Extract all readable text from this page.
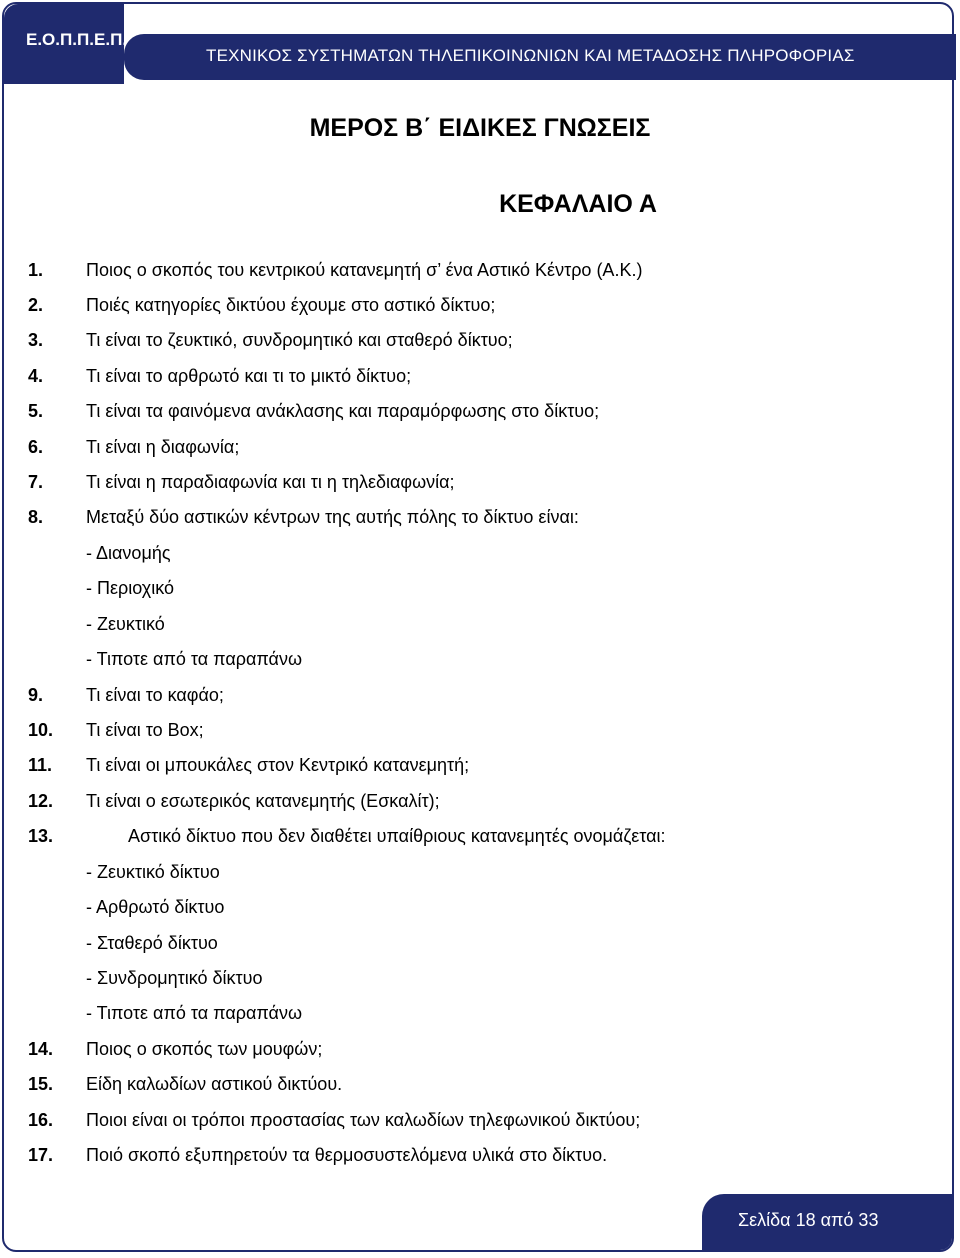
Ε.Ο.Π.Π.Ε.Π.
ΤΕΧΝΙΚΟΣ ΣΥΣΤΗΜΑΤΩΝ ΤΗΛΕΠΙΚΟΙΝΩΝΙΩΝ ΚΑΙ ΜΕΤΑΔΟΣΗΣ ΠΛΗΡΟΦΟΡΙΑΣ
ΜΕΡΟΣ Β΄ ΕΙΔΙΚΕΣ ΓΝΩΣΕΙΣ
ΚΕΦΑΛΑΙΟ Α
1. Ποιος ο σκοπός του κεντρικού κατανεμητή σ’ ένα Αστικό Κέντρο (Α.Κ.)
2. Ποιές κατηγορίες δικτύου έχουμε στο αστικό δίκτυο;
3. Τι είναι το ζευκτικό, συνδρομητικό και σταθερό δίκτυο;
4. Τι είναι το αρθρωτό και τι το μικτό δίκτυο;
5. Τι είναι τα φαινόμενα ανάκλασης και παραμόρφωσης στο δίκτυο;
6. Τι είναι η διαφωνία;
7. Τι είναι η παραδιαφωνία και τι η τηλεδιαφωνία;
8. Μεταξύ δύο αστικών κέντρων της αυτής πόλης το δίκτυο είναι:
- Διανομής
- Περιοχικό
- Ζευκτικό
- Τιποτε από τα παραπάνω
9. Τι είναι το καφάο;
10. Τι είναι το Box;
11. Τι είναι οι μπουκάλες στον Κεντρικό κατανεμητή;
12. Τι είναι ο εσωτερικός κατανεμητής (Εσκαλίτ);
13.	Αστικό δίκτυο που δεν διαθέτει υπαίθριους κατανεμητές ονομάζεται:
- Ζευκτικό δίκτυο
- Αρθρωτό δίκτυο
- Σταθερό δίκτυο
- Συνδρομητικό δίκτυο
- Τιποτε από τα παραπάνω
14. Ποιος ο σκοπός των μουφών;
15. Είδη καλωδίων αστικού δικτύου.
16. Ποιοι είναι οι τρόποι προστασίας των καλωδίων τηλεφωνικού δικτύου;
17. Ποιό σκοπό εξυπηρετούν τα θερμοσυστελόμενα υλικά στο δίκτυο.
Σελίδα 18 από 33
